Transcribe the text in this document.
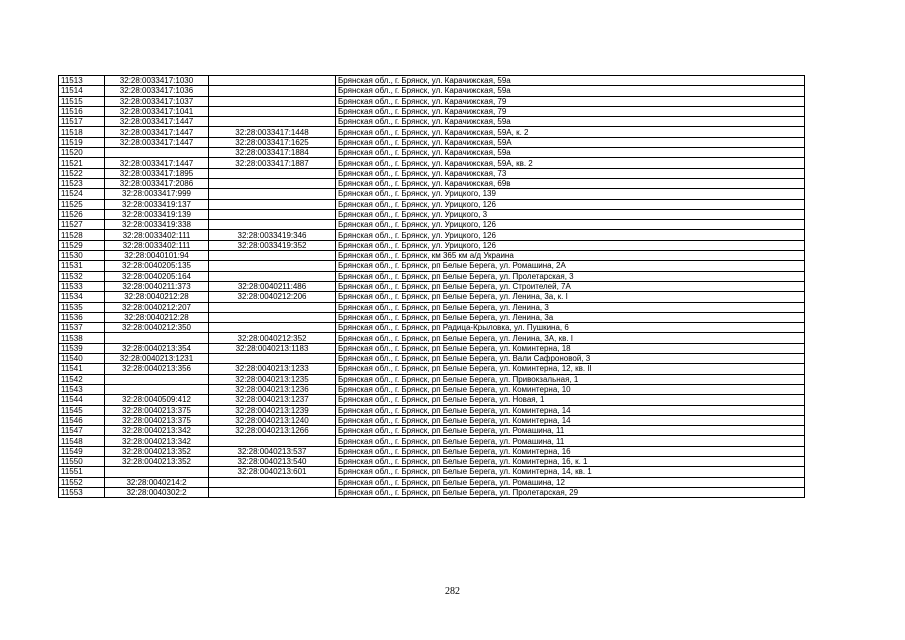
11513	32:28:0033417:1030		Брянская обл., г. Брянск, ул. Карачижская, 59а
11514	32:28:0033417:1036		Брянская обл., г. Брянск, ул. Карачижская, 59а
11515	32:28:0033417:1037		Брянская обл., г. Брянск, ул. Карачижская, 79
11516	32:28:0033417:1041		Брянская обл., г. Брянск, ул. Карачижская, 79
11517	32:28:0033417:1447		Брянская обл., г. Брянск, ул. Карачижская, 59а
11518	32:28:0033417:1447	32:28:0033417:1448	Брянская обл., г. Брянск, ул. Карачижская, 59А, к. 2
11519	32:28:0033417:1447	32:28:0033417:1625	Брянская обл., г. Брянск, ул. Карачижская, 59А
11520		32:28:0033417:1884	Брянская обл., г. Брянск, ул. Карачижская, 59а
11521	32:28:0033417:1447	32:28:0033417:1887	Брянская обл., г. Брянск, ул. Карачижская, 59А, кв. 2
11522	32:28:0033417:1895		Брянская обл., г. Брянск, ул. Карачижская, 73
11523	32:28:0033417:2086		Брянская обл., г. Брянск, ул. Карачижская, 69в
11524	32:28:0033417:999		Брянская обл., г. Брянск, ул. Урицкого, 139
11525	32:28:0033419:137		Брянская обл., г. Брянск, ул. Урицкого, 126
11526	32:28:0033419:139		Брянская обл., г. Брянск, ул. Урицкого, 3
11527	32:28:0033419:338		Брянская обл., г. Брянск, ул. Урицкого, 126
11528	32:28:0033402:111	32:28:0033419:346	Брянская обл., г. Брянск, ул. Урицкого, 126
11529	32:28:0033402:111	32:28:0033419:352	Брянская обл., г. Брянск, ул. Урицкого, 126
11530	32:28:0040101:94		Брянская обл., г. Брянск, км 365 км а/д Украина
11531	32:28:0040205:135		Брянская обл., г. Брянск, рп Белые Берега, ул. Ромашина, 2А
11532	32:28:0040205:164		Брянская обл., г. Брянск, рп Белые Берега, ул. Пролетарская, 3
11533	32:28:0040211:373	32:28:0040211:486	Брянская обл., г. Брянск, рп Белые Берега, ул. Строителей, 7А
11534	32:28:0040212:28	32:28:0040212:206	Брянская обл., г. Брянск, рп Белые Берега, ул. Ленина, 3а, к. I
11535	32:28:0040212:207		Брянская обл., г. Брянск, рп Белые Берега, ул. Ленина, 3
11536	32:28:0040212:28		Брянская обл., г. Брянск, рп Белые Берега, ул. Ленина, 3а
11537	32:28:0040212:350		Брянская обл., г. Брянск, рп Радица-Крыловка, ул. Пушкина, 6
11538		32:28:0040212:352	Брянская обл., г. Брянск, рп Белые Берега, ул. Ленина, 3А, кв. I
11539	32:28:0040213:354	32:28:0040213:1183	Брянская обл., г. Брянск, рп Белые Берега, ул. Коминтерна, 18
11540	32:28:0040213:1231		Брянская обл., г. Брянск, рп Белые Берега, ул. Вали Сафроновой, 3
11541	32:28:0040213:356	32:28:0040213:1233	Брянская обл., г. Брянск, рп Белые Берега, ул. Коминтерна, 12, кв. II
11542		32:28:0040213:1235	Брянская обл., г. Брянск, рп Белые Берега, ул. Привокзальная, 1
11543		32:28:0040213:1236	Брянская обл., г. Брянск, рп Белые Берега, ул. Коминтерна, 10
11544	32:28:0040509:412	32:28:0040213:1237	Брянская обл., г. Брянск, рп Белые Берега, ул. Новая, 1
11545	32:28:0040213:375	32:28:0040213:1239	Брянская обл., г. Брянск, рп Белые Берега, ул. Коминтерна, 14
11546	32:28:0040213:375	32:28:0040213:1240	Брянская обл., г. Брянск, рп Белые Берега, ул. Коминтерна, 14
11547	32:28:0040213:342	32:28:0040213:1266	Брянская обл., г. Брянск, рп Белые Берега, ул. Ромашина, 11
11548	32:28:0040213:342		Брянская обл., г. Брянск, рп Белые Берега, ул. Ромашина, 11
11549	32:28:0040213:352	32:28:0040213:537	Брянская обл., г. Брянск, рп Белые Берега, ул. Коминтерна, 16
11550	32:28:0040213:352	32:28:0040213:540	Брянская обл., г. Брянск, рп Белые Берега, ул. Коминтерна, 16, к. 1
11551		32:28:0040213:601	Брянская обл., г. Брянск, рп Белые Берега, ул. Коминтерна, 14, кв. 1
11552	32:28:0040214:2		Брянская обл., г. Брянск, рп Белые Берега, ул. Ромашина, 12
11553	32:28:0040302:2		Брянская обл., г. Брянск, рп Белые Берега, ул. Пролетарская, 29
282
